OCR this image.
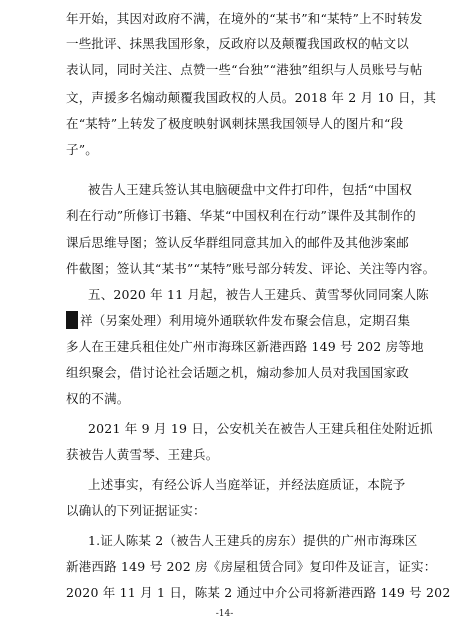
年开始，其因对政府不满，在境外的“某书”和“某特”上不时转发
一些批评、抹黑我国形象，反政府以及颠覆我国政权的帖文以
表认同，同时关注、点赞一些“台独”“港独”组织与人员账号与帖
文，声援多名煽动颠覆我国政权的人员。2018 年 2 月 10 日，其
在“某特”上转发了极度映射讽刺抹黑我国领导人的图片和“段
子”。
被告人王建兵签认其电脑硬盘中文件打印件，包括“中国权
利在行动”所修订书籍、华某“中国权利在行动”课件及其制作的
课后思维导图；签认反华群组同意其加入的邮件及其他涉案邮
件截图；签认其“某书”“某特”账号部分转发、评论、关注等内容。
五、2020 年 11 月起，被告人王建兵、黄雪琴伙同同案人陈
祥（另案处理）利用境外通联软件发布聚会信息，定期召集
多人在王建兵租住处广州市海珠区新港西路 149 号 202 房等地
组织聚会，借讨论社会话题之机，煽动参加人员对我国国家政
权的不满。
2021 年 9 月 19 日，公安机关在被告人王建兵租住处附近抓
获被告人黄雪琴、王建兵。
上述事实，有经公诉人当庭举证，并经法庭质证，本院予
以确认的下列证据证实：
1.证人陈某 2（被告人王建兵的房东）提供的广州市海珠区
新港西路 149 号 202 房《房屋租赁合同》复印件及证言，证实：
2020 年 11 月 1 日，陈某 2 通过中介公司将新港西路 149 号 202
-14-
